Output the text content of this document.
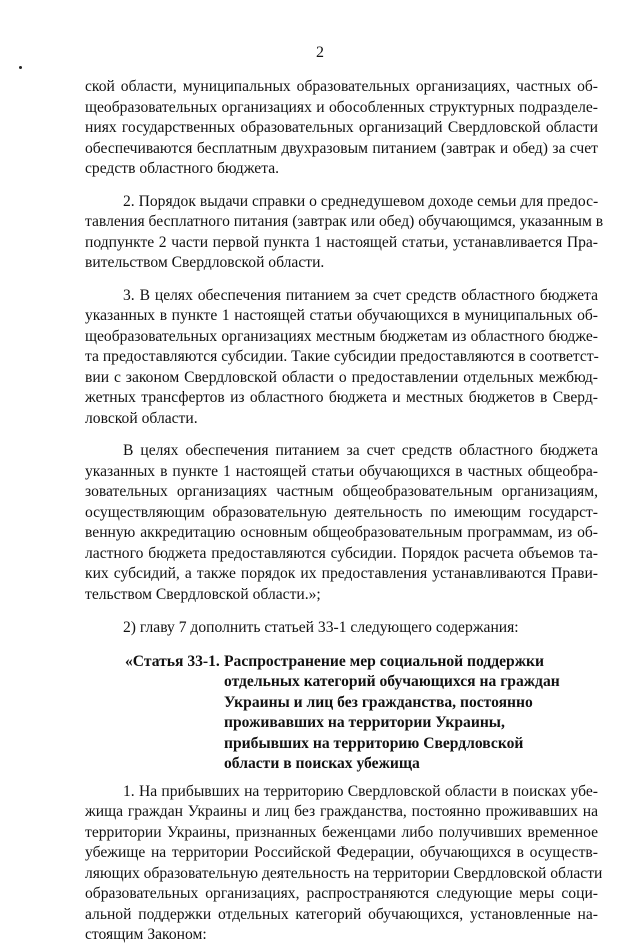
2
ской области, муниципальных образовательных организациях, частных об-
щеобразовательных организациях и обособленных структурных подразделе-
ниях государственных образовательных организаций Свердловской области
обеспечиваются бесплатным двухразовым питанием (завтрак и обед) за счет
средств областного бюджета.
2. Порядок выдачи справки о среднедушевом доходе семьи для предос-
тавления бесплатного питания (завтрак или обед) обучающимся, указанным в
подпункте 2 части первой пункта 1 настоящей статьи, устанавливается Пра-
вительством Свердловской области.
3. В целях обеспечения питанием за счет средств областного бюджета
указанных в пункте 1 настоящей статьи обучающихся в муниципальных об-
щеобразовательных организациях местным бюджетам из областного бюдже-
та предоставляются субсидии. Такие субсидии предоставляются в соответст-
вии с законом Свердловской области о предоставлении отдельных межбюд-
жетных трансфертов из областного бюджета и местных бюджетов в Сверд-
ловской области.
В целях обеспечения питанием за счет средств областного бюджета
указанных в пункте 1 настоящей статьи обучающихся в частных общеобра-
зовательных организациях частным общеобразовательным организациям,
осуществляющим образовательную деятельность по имеющим государст-
венную аккредитацию основным общеобразовательным программам, из об-
ластного бюджета предоставляются субсидии. Порядок расчета объемов та-
ких субсидий, а также порядок их предоставления устанавливаются Прави-
тельством Свердловской области.»;
2) главу 7 дополнить статьей 33-1 следующего содержания:
«Статья 33-1. Распространение мер социальной поддержки
отдельных категорий обучающихся на граждан
Украины и лиц без гражданства, постоянно
проживавших на территории Украины,
прибывших на территорию Свердловской
области в поисках убежища
1. На прибывших на территорию Свердловской области в поисках убе-
жища граждан Украины и лиц без гражданства, постоянно проживавших на
территории Украины, признанных беженцами либо получивших временное
убежище на территории Российской Федерации, обучающихся в осуществ-
ляющих образовательную деятельность на территории Свердловской области
образовательных организациях, распространяются следующие меры соци-
альной поддержки отдельных категорий обучающихся, установленные на-
стоящим Законом:
